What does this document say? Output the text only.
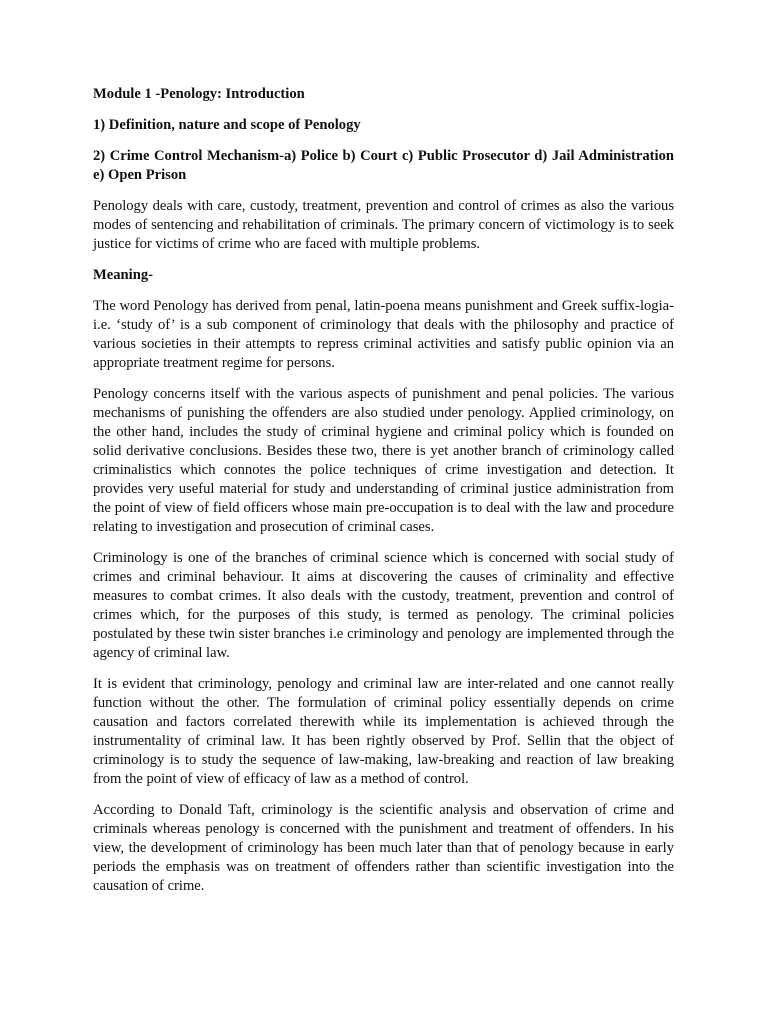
Module 1 -Penology: Introduction

1) Definition, nature and scope of Penology

2) Crime Control Mechanism-a) Police b) Court c) Public Prosecutor d) Jail Administration e) Open Prison

Penology deals with care, custody, treatment, prevention and control of crimes as also the various modes of sentencing and rehabilitation of criminals. The primary concern of victimology is to seek justice for victims of crime who are faced with multiple problems.

Meaning-

The word Penology has derived from penal, latin-poena means punishment and Greek suffix-logia-i.e. ‘study of’ is a sub component of criminology that deals with the philosophy and practice of various societies in their attempts to repress criminal activities and satisfy public opinion via an appropriate treatment regime for persons.

Penology concerns itself with the various aspects of punishment and penal policies. The various mechanisms of punishing the offenders are also studied under penology. Applied criminology, on the other hand, includes the study of criminal hygiene and criminal policy which is founded on solid derivative conclusions. Besides these two, there is yet another branch of criminology called criminalistics which connotes the police techniques of crime investigation and detection. It provides very useful material for study and understanding of criminal justice administration from the point of view of field officers whose main pre-occupation is to deal with the law and procedure relating to investigation and prosecution of criminal cases.

Criminology is one of the branches of criminal science which is concerned with social study of crimes and criminal behaviour. It aims at discovering the causes of criminality and effective measures to combat crimes. It also deals with the custody, treatment, prevention and control of crimes which, for the purposes of this study, is termed as penology. The criminal policies postulated by these twin sister branches i.e criminology and penology are implemented through the agency of criminal law.

It is evident that criminology, penology and criminal law are inter-related and one cannot really function without the other. The formulation of criminal policy essentially depends on crime causation and factors correlated therewith while its implementation is achieved through the instrumentality of criminal law. It has been rightly observed by Prof. Sellin that the object of criminology is to study the sequence of law-making, law-breaking and reaction of law breaking from the point of view of efficacy of law as a method of control.

According to Donald Taft, criminology is the scientific analysis and observation of crime and criminals whereas penology is concerned with the punishment and treatment of offenders. In his view, the development of criminology has been much later than that of penology because in early periods the emphasis was on treatment of offenders rather than scientific investigation into the causation of crime.
